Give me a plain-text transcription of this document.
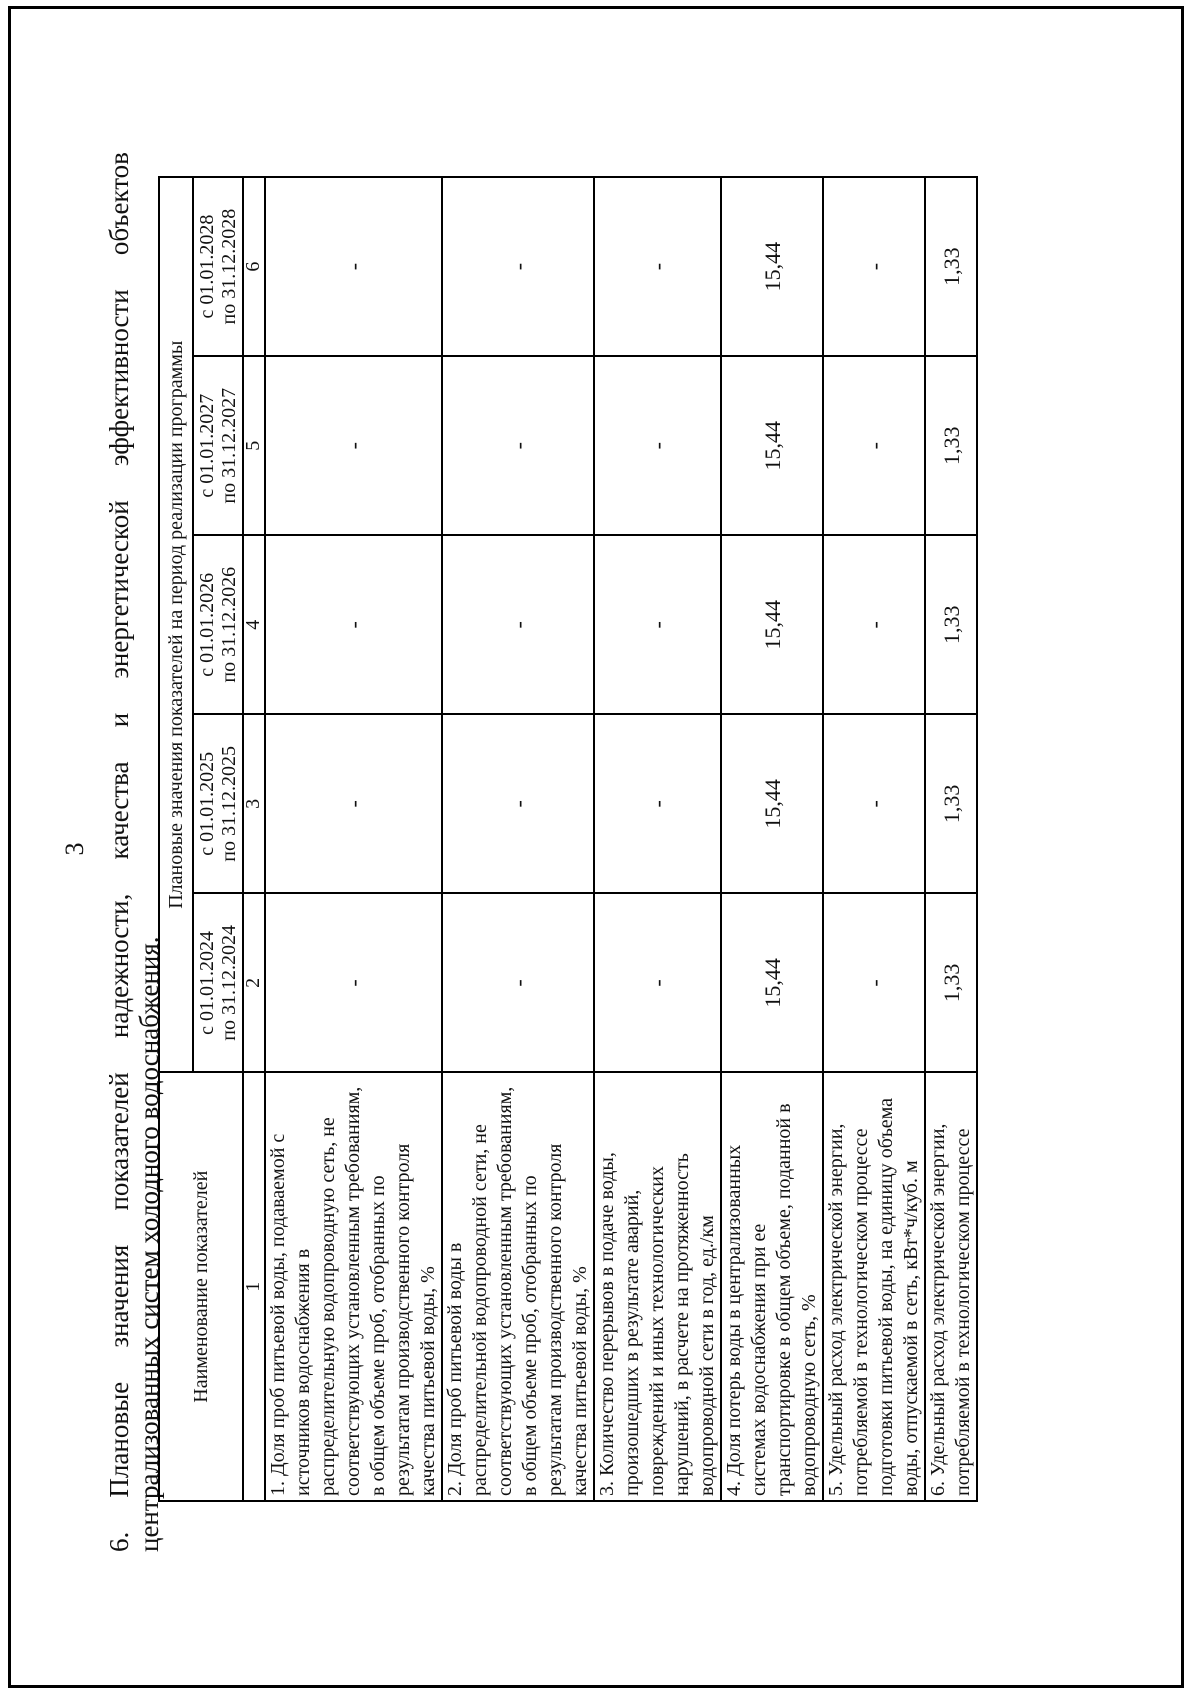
3
6.
Плановые
значения
показателей
надежности,
качества
и
энергетической
эффективности
объектов
централизованных систем холодного водоснабжения. Наименование показателей	Плановые значения показателей на период реализации программы				
	с 01.01.2024
по 31.12.2024	с 01.01.2025
по 31.12.2025	с 01.01.2026
по 31.12.2026	с 01.01.2027
по 31.12.2027	с 01.01.2028
по 31.12.2028
1	2	3	4	5	6
1. Доля проб питьевой воды, подаваемой с источников водоснабжения в распределительную водопроводную сеть, не соответствующих установленным требованиям, в общем объеме проб, отобранных по результатам производственного контроля качества питьевой воды, %	-	-	-	-	-
2. Доля проб питьевой воды в распределительной водопроводной сети, не соответствующих установленным требованиям, в общем объеме проб, отобранных по результатам производственного контроля качества питьевой воды, %	-	-	-	-	-
3. Количество перерывов в подаче воды, произошедших в результате аварий, повреждений и иных технологических нарушений, в расчете на протяженность водопроводной сети в год, ед./км	-	-	-	-	-
4. Доля потерь воды в централизованных системах водоснабжения при ее транспортировке в общем объеме, поданной в водопроводную сеть, %	15,44	15,44	15,44	15,44	15,44
5. Удельный расход электрической энергии, потребляемой в технологическом процессе подготовки питьевой воды, на единицу объема воды, отпускаемой в сеть, кВт*ч/куб. м	-	-	-	-	-
6. Удельный расход электрической энергии, потребляемой в технологическом процессе	1,33	1,33	1,33	1,33	1,33
